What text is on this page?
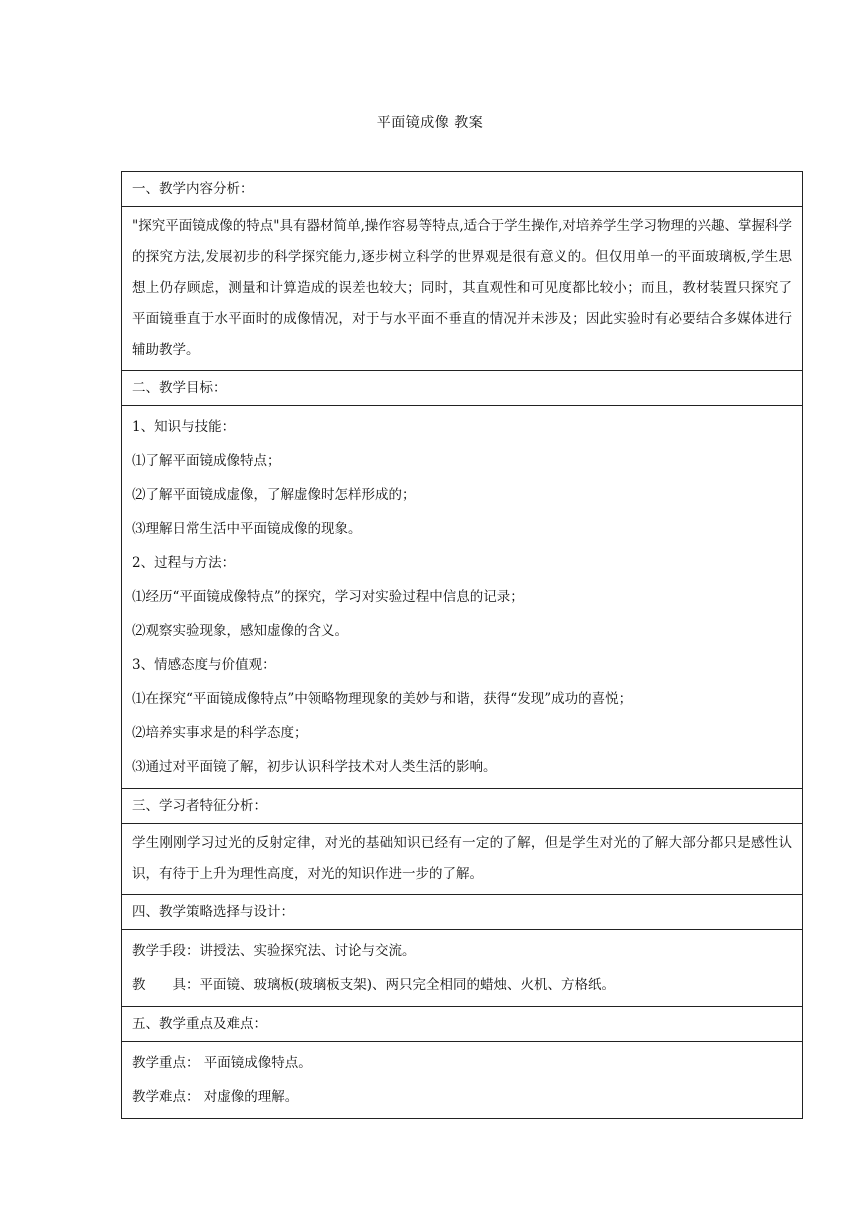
平面镜成像 教案
一、教学内容分析：

"探究平面镜成像的特点"具有器材简单,操作容易等特点,适合于学生操作,对培养学生学习物理的兴趣、掌握科学的探究方法,发展初步的科学探究能力,逐步树立科学的世界观是很有意义的。但仅用单一的平面玻璃板,学生思想上仍存顾虑，测量和计算造成的误差也较大；同时，其直观性和可见度都比较小；而且，教材装置只探究了平面镜垂直于水平面时的成像情况，对于与水平面不垂直的情况并未涉及；因此实验时有必要结合多媒体进行辅助教学。

二、教学目标：

1、知识与技能：
⑴了解平面镜成像特点；
⑵了解平面镜成虚像，了解虚像时怎样形成的；
⑶理解日常生活中平面镜成像的现象。
2、过程与方法：
⑴经历“平面镜成像特点”的探究，学习对实验过程中信息的记录；
⑵观察实验现象，感知虚像的含义。
3、情感态度与价值观：
⑴在探究“平面镜成像特点”中领略物理现象的美妙与和谐，获得“发现”成功的喜悦；
⑵培养实事求是的科学态度；
⑶通过对平面镜了解，初步认识科学技术对人类生活的影响。

三、学习者特征分析：

学生刚刚学习过光的反射定律，对光的基础知识已经有一定的了解，但是学生对光的了解大部分都只是感性认识，有待于上升为理性高度，对光的知识作进一步的了解。

四、教学策略选择与设计：

教学手段：讲授法、实验探究法、讨论与交流。
教　　具：平面镜、玻璃板(玻璃板支架)、两只完全相同的蜡烛、火机、方格纸。

五、教学重点及难点：

教学重点： 平面镜成像特点。
教学难点： 对虚像的理解。
